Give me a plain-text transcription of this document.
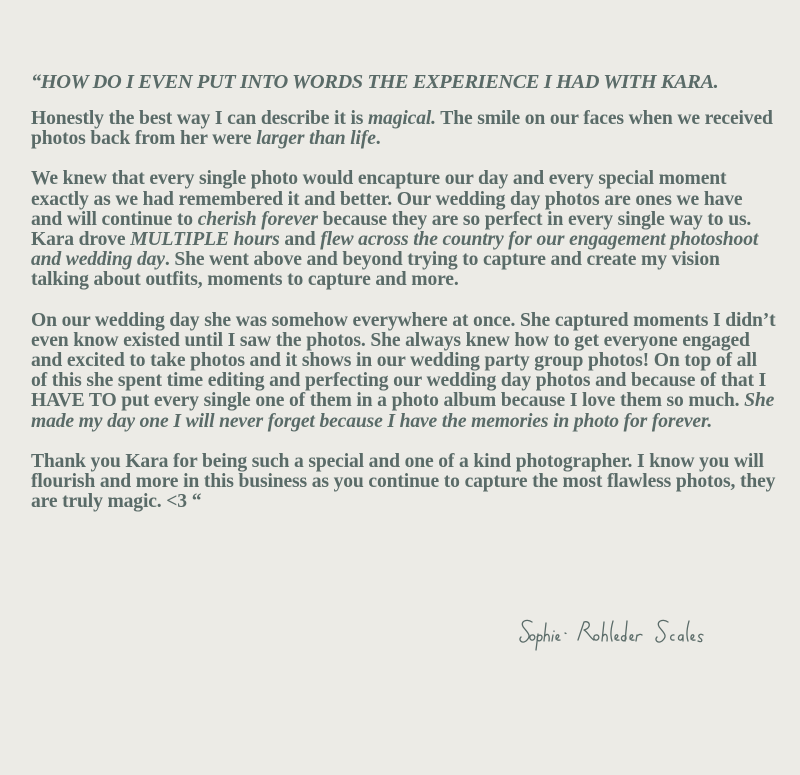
“HOW DO I EVEN PUT INTO WORDS THE EXPERIENCE I HAD WITH KARA.

Honestly the best way I can describe it is magical. The smile on our faces when we received photos back from her were larger than life.

We knew that every single photo would encapture our day and every special moment exactly as we had remembered it and better. Our wedding day photos are ones we have and will continue to cherish forever because they are so perfect in every single way to us. Kara drove MULTIPLE hours and flew across the country for our engagement photoshoot and wedding day. She went above and beyond trying to capture and create my vision talking about outfits, moments to capture and more.

On our wedding day she was somehow everywhere at once. She captured moments I didn’t even know existed until I saw the photos. She always knew how to get everyone engaged and excited to take photos and it shows in our wedding party group photos! On top of all of this she spent time editing and perfecting our wedding day photos and because of that I HAVE TO put every single one of them in a photo album because I love them so much. She made my day one I will never forget because I have the memories in photo for forever.

Thank you Kara for being such a special and one of a kind photographer. I know you will flourish and more in this business as you continue to capture the most flawless photos, they are truly magic. <3 “
